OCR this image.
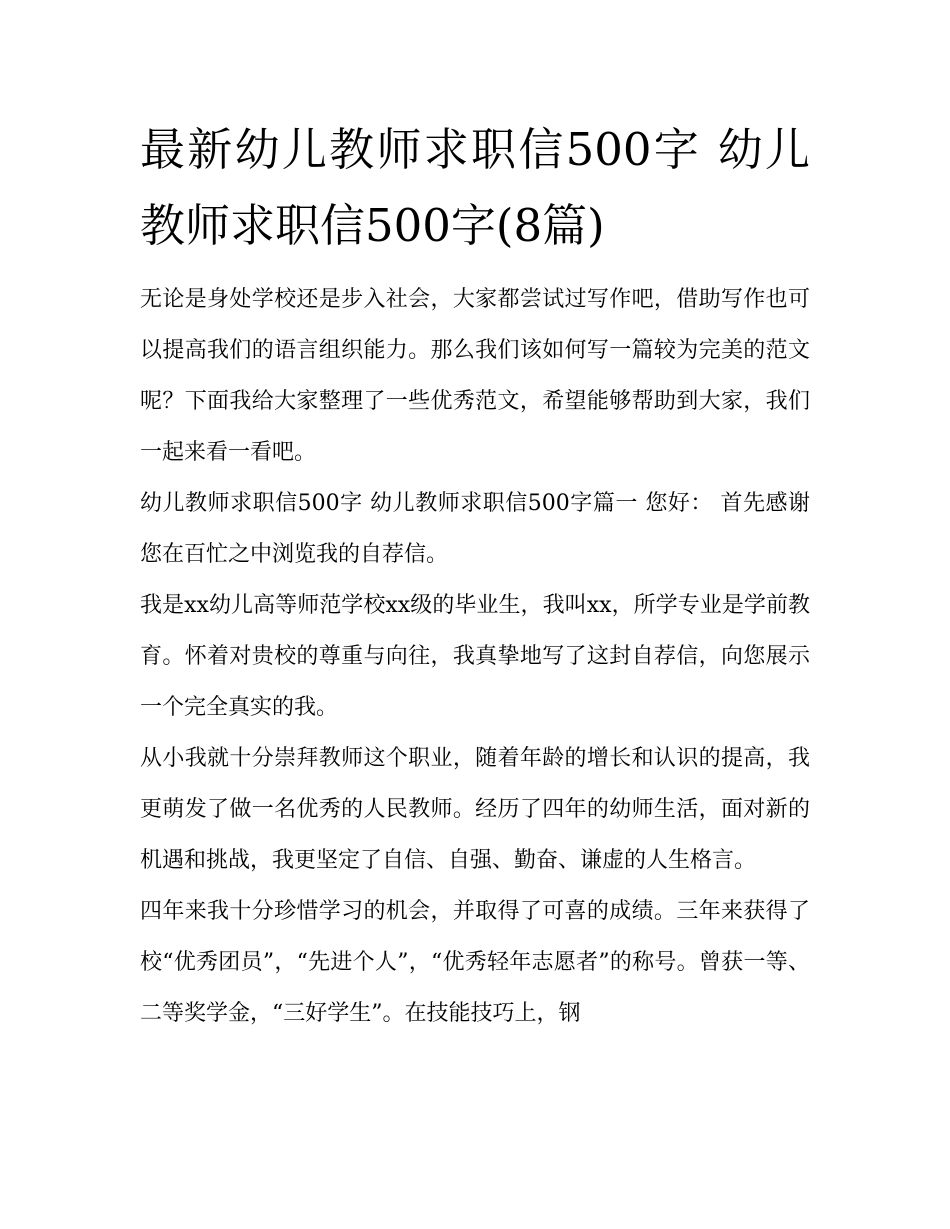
最新幼儿教师求职信500字 幼儿教师求职信500字(8篇)

无论是身处学校还是步入社会，大家都尝试过写作吧，借助写作也可以提高我们的语言组织能力。那么我们该如何写一篇较为完美的范文呢？下面我给大家整理了一些优秀范文，希望能够帮助到大家，我们一起来看一看吧。

幼儿教师求职信500字 幼儿教师求职信500字篇一 您好： 首先感谢您在百忙之中浏览我的自荐信。

我是xx幼儿高等师范学校xx级的毕业生，我叫xx，所学专业是学前教育。怀着对贵校的尊重与向往，我真挚地写了这封自荐信，向您展示一个完全真实的我。

从小我就十分崇拜教师这个职业，随着年龄的增长和认识的提高，我更萌发了做一名优秀的人民教师。经历了四年的幼师生活，面对新的机遇和挑战，我更坚定了自信、自强、勤奋、谦虚的人生格言。

四年来我十分珍惜学习的机会，并取得了可喜的成绩。三年来获得了校“优秀团员”，“先进个人”，“优秀轻年志愿者”的称号。曾获一等、二等奖学金，“三好学生”。在技能技巧上，钢
